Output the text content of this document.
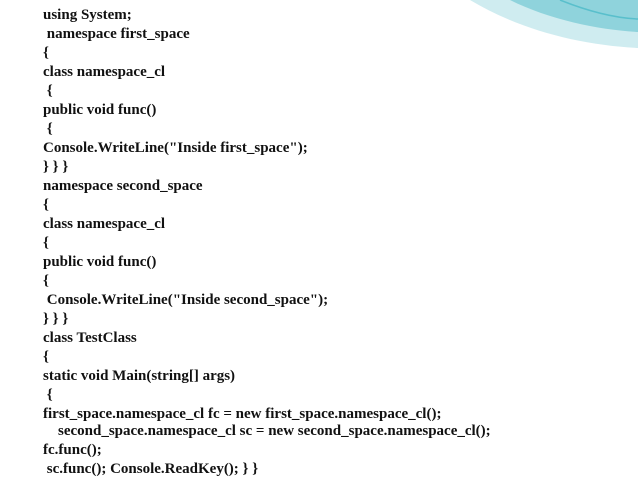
using System;
namespace first_space
{
class namespace_cl
{
public void func()
{
Console.WriteLine("Inside first_space");
} } }
namespace second_space
{
class namespace_cl
{
public void func()
{
Console.WriteLine("Inside second_space");
} } }
class TestClass
{
static void Main(string[] args)
{
first_space.namespace_cl fc = new first_space.namespace_cl();
second_space.namespace_cl sc = new second_space.namespace_cl();
fc.func();
sc.func(); Console.ReadKey(); } }
